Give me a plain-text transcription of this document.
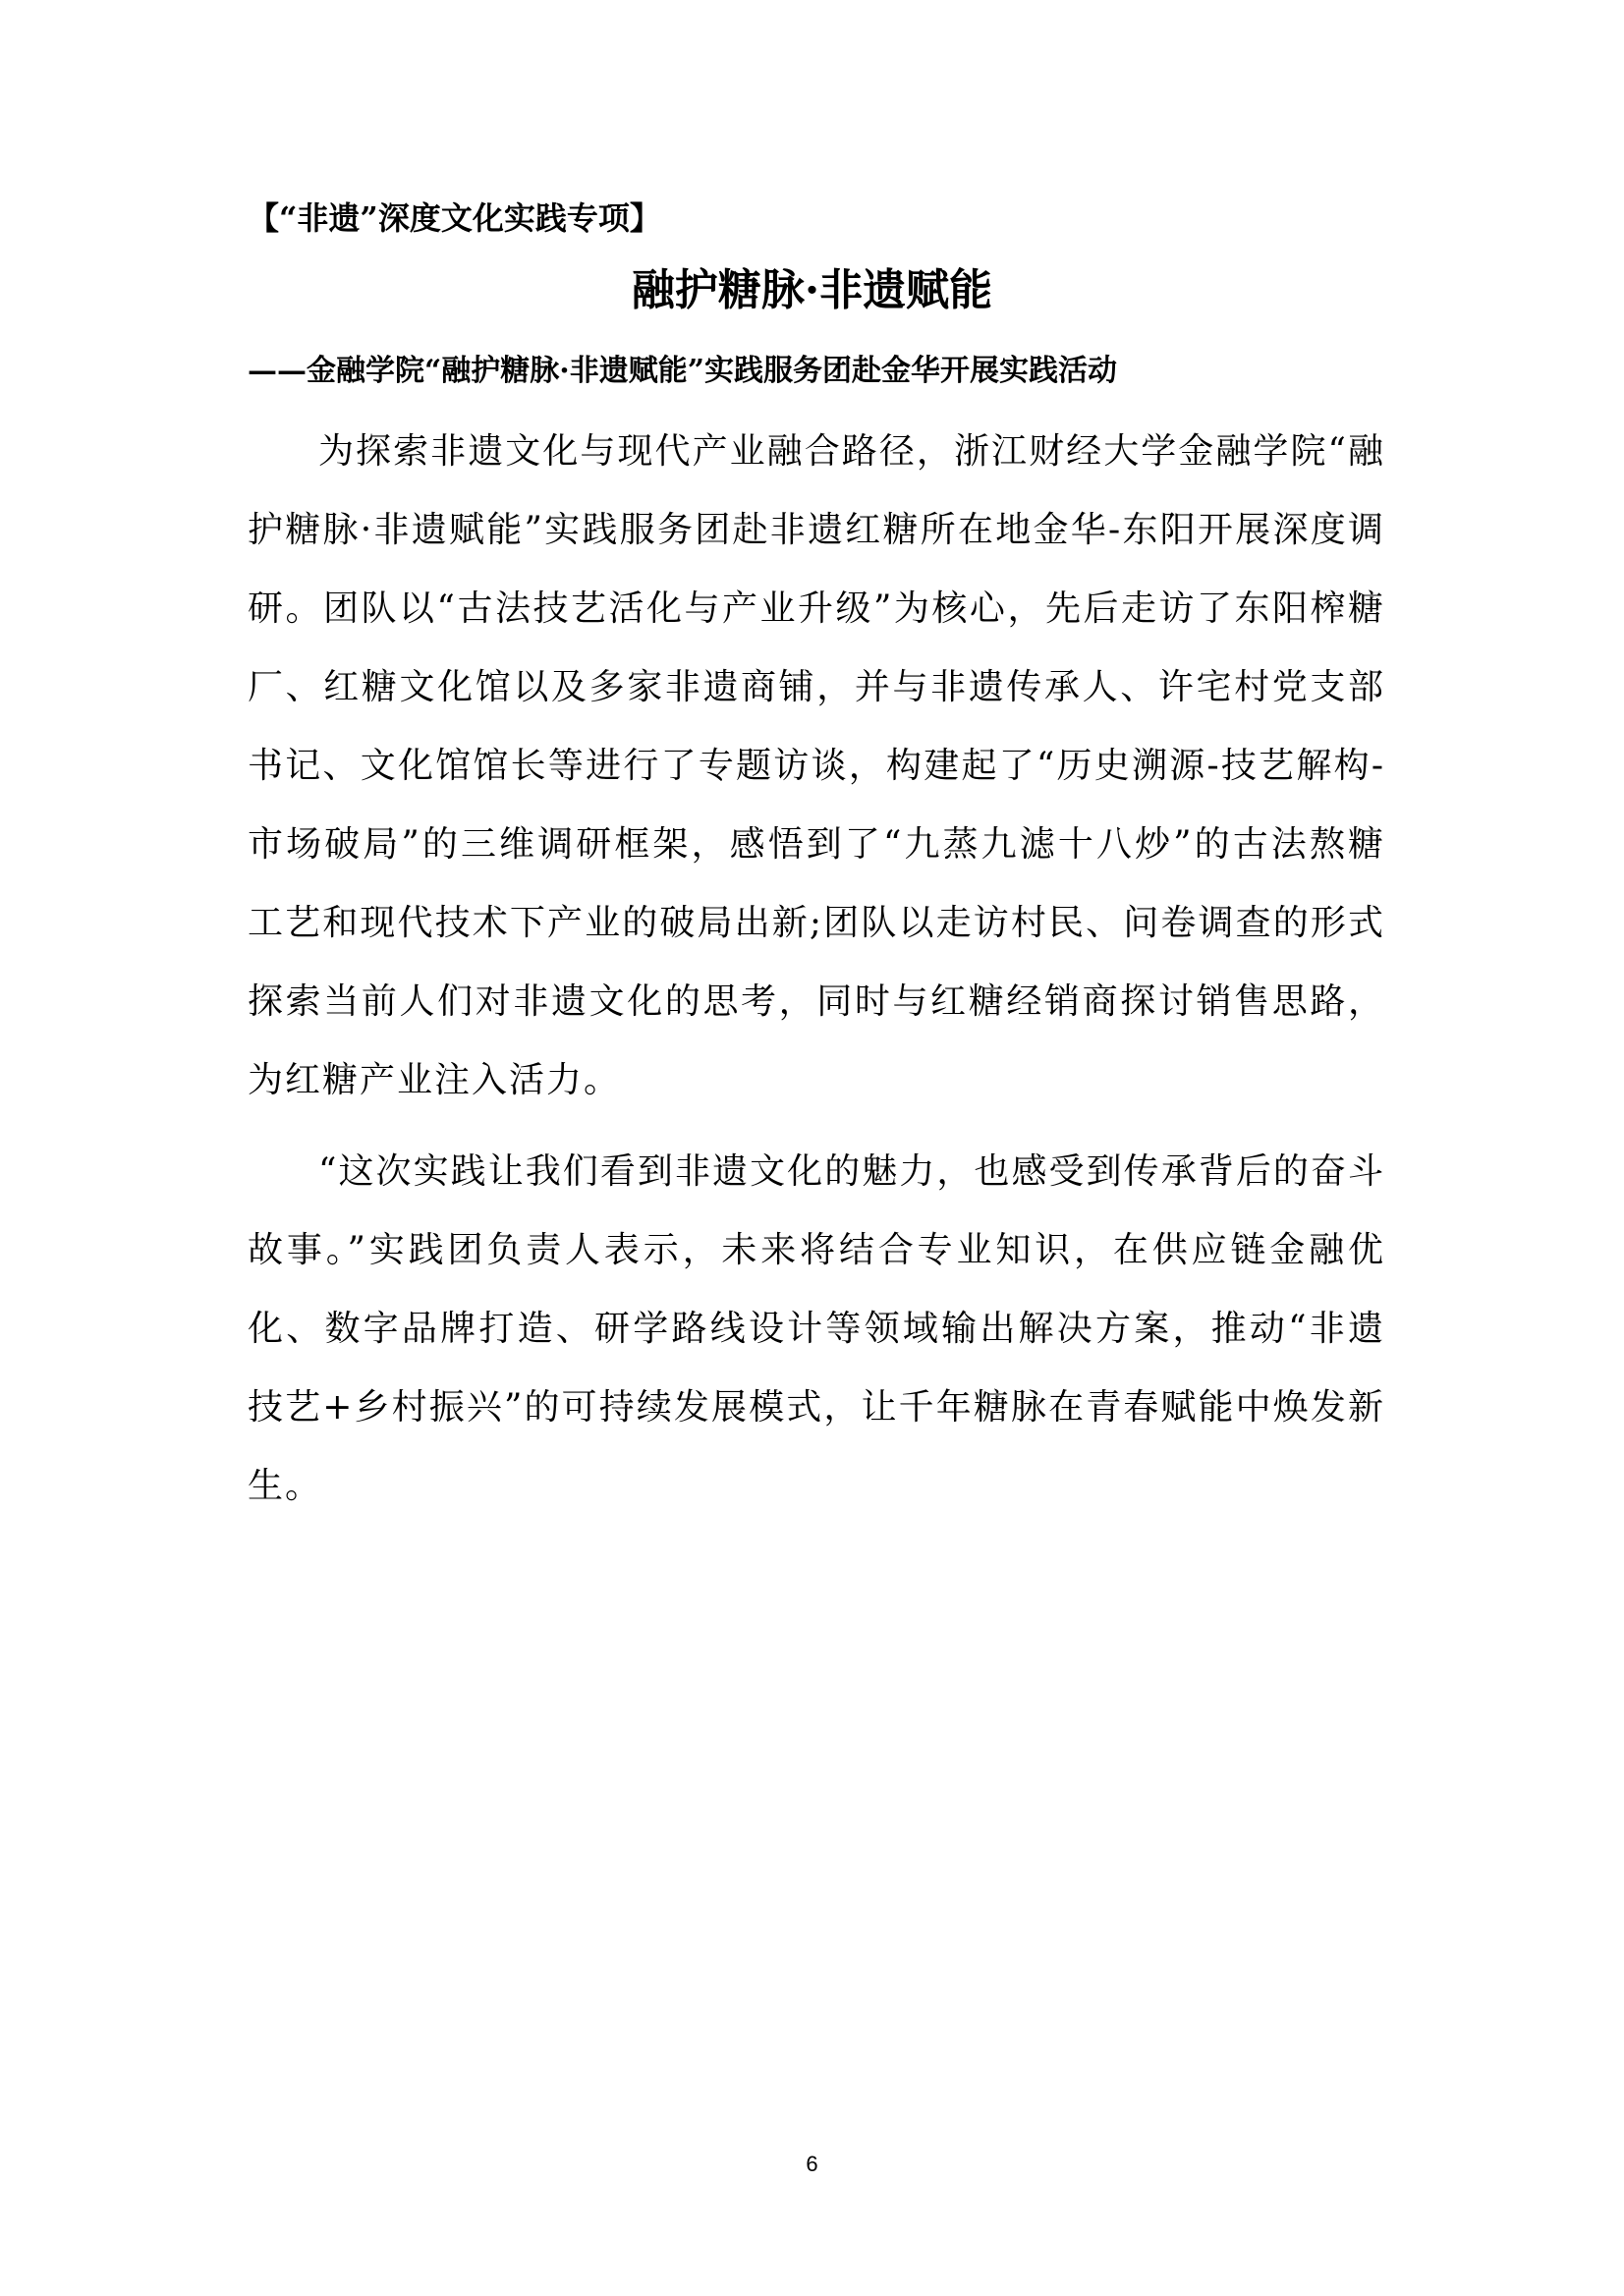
【“非遗”深度文化实践专项】
融护糖脉·非遗赋能
——金融学院“融护糖脉·非遗赋能”实践服务团赴金华开展实践活动

为探索非遗文化与现代产业融合路径，浙江财经大学金融学院“融护糖脉·非遗赋能”实践服务团赴非遗红糖所在地金华-东阳开展深度调研。团队以“古法技艺活化与产业升级”为核心，先后走访了东阳榨糖厂、红糖文化馆以及多家非遗商铺，并与非遗传承人、许宅村党支部书记、文化馆馆长等进行了专题访谈，构建起了“历史溯源-技艺解构-市场破局”的三维调研框架，感悟到了“九蒸九滤十八炒”的古法熬糖工艺和现代技术下产业的破局出新;团队以走访村民、问卷调查的形式探索当前人们对非遗文化的思考，同时与红糖经销商探讨销售思路，为红糖产业注入活力。

“这次实践让我们看到非遗文化的魅力，也感受到传承背后的奋斗故事。”实践团负责人表示，未来将结合专业知识，在供应链金融优化、数字品牌打造、研学路线设计等领域输出解决方案，推动“非遗技艺+乡村振兴”的可持续发展模式，让千年糖脉在青春赋能中焕发新生。

6
